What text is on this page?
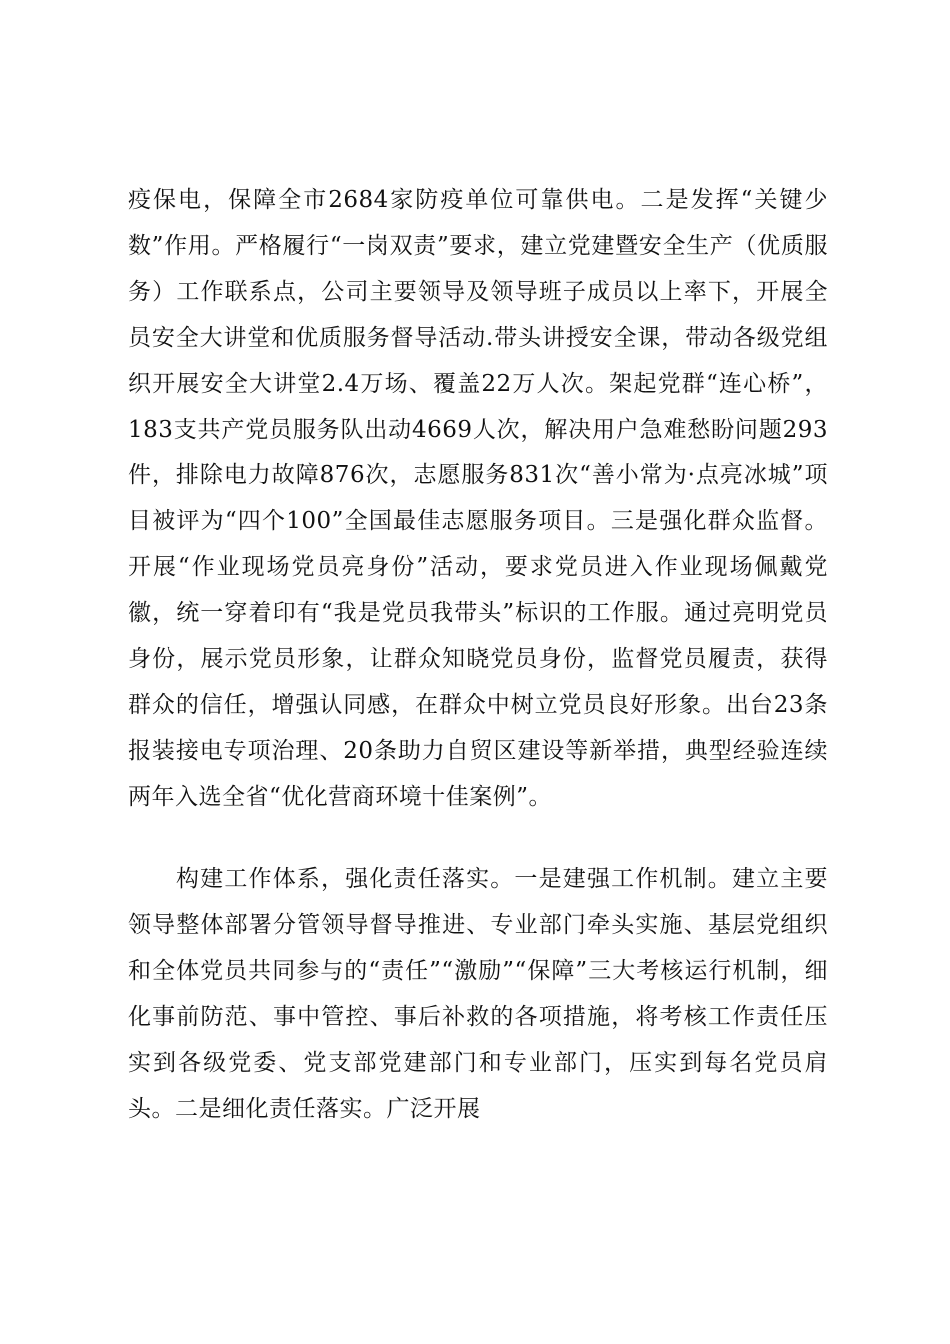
疫保电，保障全市2684家防疫单位可靠供电。二是发挥“关键少数”作用。严格履行“一岗双责”要求，建立党建暨安全生产（优质服务）工作联系点，公司主要领导及领导班子成员以上率下，开展全员安全大讲堂和优质服务督导活动.带头讲授安全课，带动各级党组织开展安全大讲堂2.4万场、覆盖22万人次。架起党群“连心桥”，183支共产党员服务队出动4669人次，解决用户急难愁盼问题293件，排除电力故障876次，志愿服务831次“善小常为·点亮冰城”项目被评为“四个100”全国最佳志愿服务项目。三是强化群众监督。开展“作业现场党员亮身份”活动，要求党员进入作业现场佩戴党徽，统一穿着印有“我是党员我带头”标识的工作服。通过亮明党员身份，展示党员形象，让群众知晓党员身份，监督党员履责，获得群众的信任，增强认同感，在群众中树立党员良好形象。出台23条报装接电专项治理、20条助力自贸区建设等新举措，典型经验连续两年入选全省“优化营商环境十佳案例”。

构建工作体系，强化责任落实。一是建强工作机制。建立主要领导整体部署分管领导督导推进、专业部门牵头实施、基层党组织和全体党员共同参与的“责任”“激励”“保障”三大考核运行机制，细化事前防范、事中管控、事后补救的各项措施，将考核工作责任压实到各级党委、党支部党建部门和专业部门，压实到每名党员肩头。二是细化责任落实。广泛开展
